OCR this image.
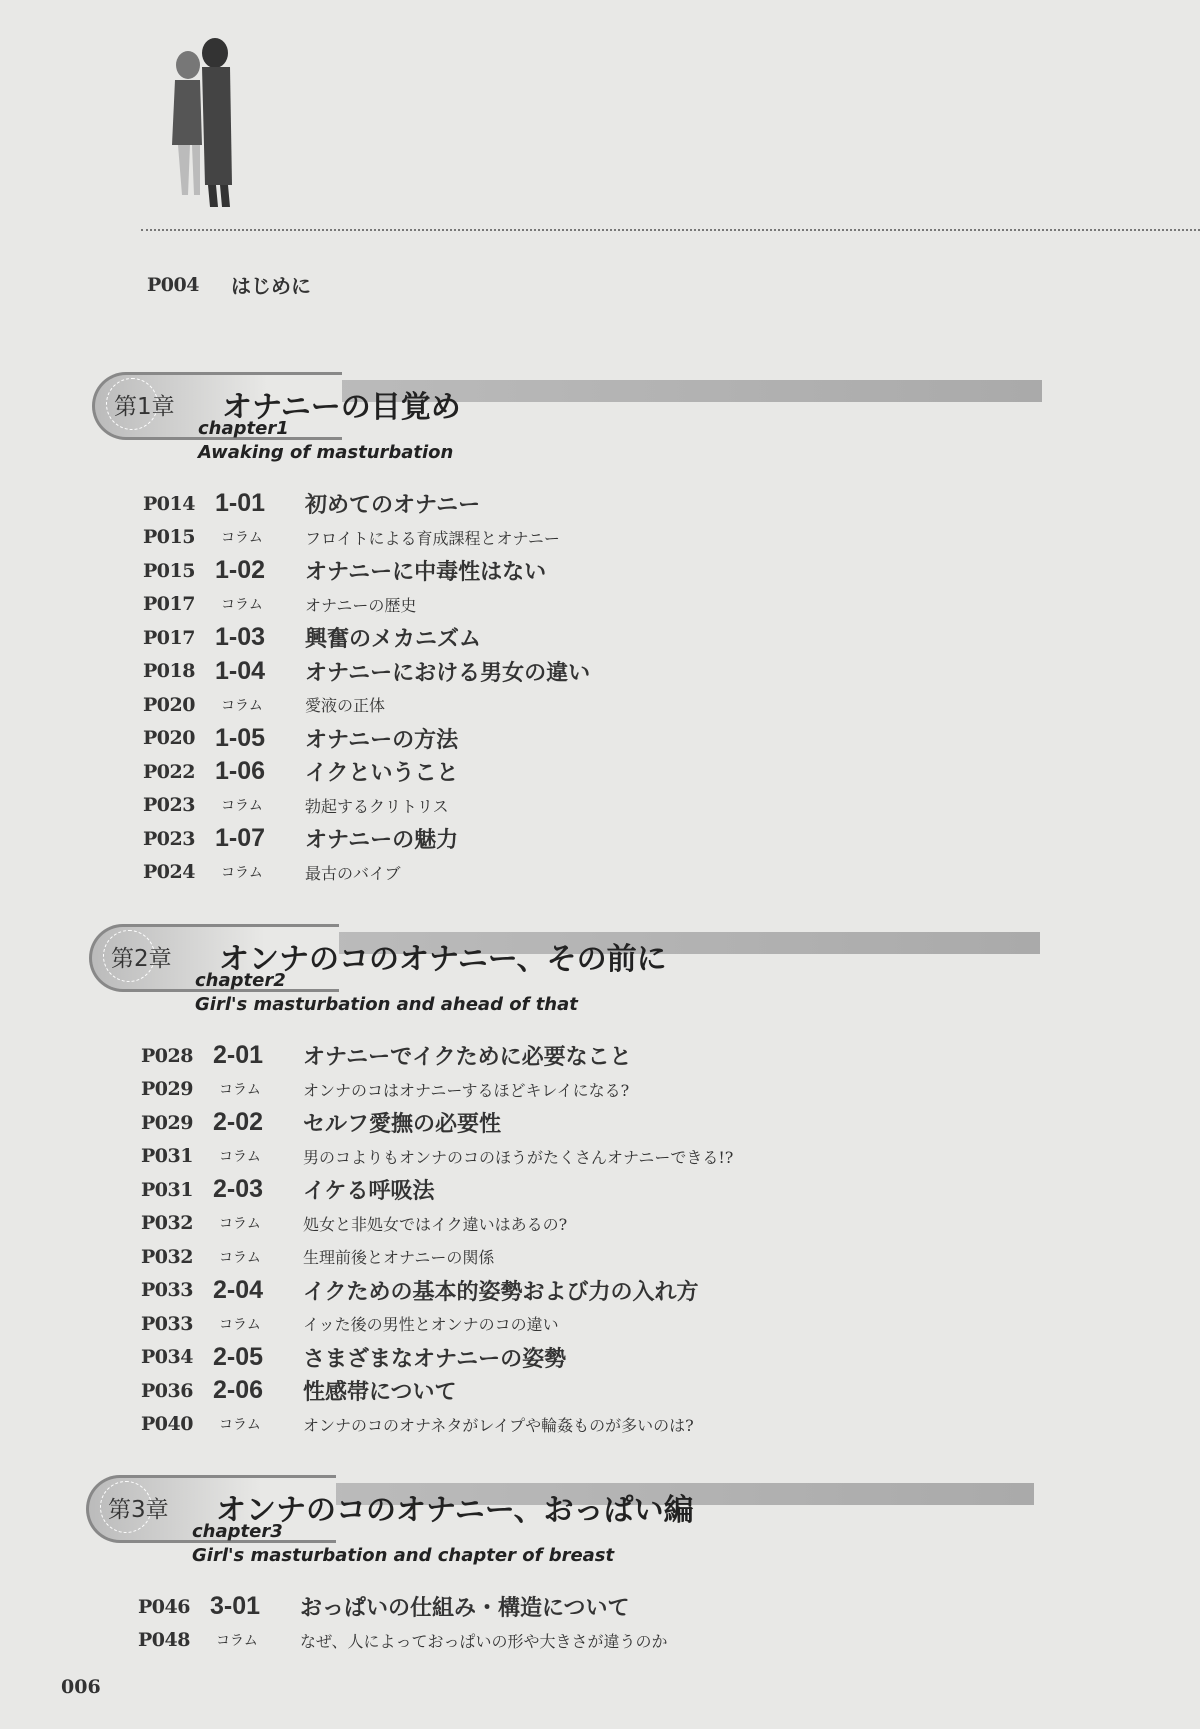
P004	はじめに
第1章 オナニーの目覚め
chapter1
Awaking of masturbation
P014 1-01	初めてのオナニー
P015	コラム	フロイトによる育成課程とオナニー
P015 1-02	オナニーに中毒性はない
P017	コラム	オナニーの歴史
P017 1-03	興奮のメカニズム
P018 1-04	オナニーにおける男女の違い
P020	コラム	愛液の正体
P020 1-05	オナニーの方法
P022 1-06	イクということ
P023	コラム	勃起するクリトリス
P023 1-07	オナニーの魅力
P024	コラム	最古のバイブ
第2章 オンナのコのオナニー、その前に
chapter2
Girl's masturbation and ahead of that
P028 2-01	オナニーでイクために必要なこと
P029	コラム	オンナのコはオナニーするほどキレイになる?
P029 2-02	セルフ愛撫の必要性
P031	コラム	男のコよりもオンナのコのほうがたくさんオナニーできる!?
P031 2-03	イケる呼吸法
P032	コラム	処女と非処女ではイク違いはあるの?
P032	コラム	生理前後とオナニーの関係
P033 2-04	イクための基本的姿勢および力の入れ方
P033	コラム	イッた後の男性とオンナのコの違い
P034 2-05	さまざまなオナニーの姿勢
P036 2-06	性感帯について
P040	コラム	オンナのコのオナネタがレイプや輪姦ものが多いのは?
第3章 オンナのコのオナニー、おっぱい編
chapter3
Girl's masturbation and chapter of breast
P046 3-01	おっぱいの仕組み・構造について
P048	コラム	なぜ、人によっておっぱいの形や大きさが違うのか
006
